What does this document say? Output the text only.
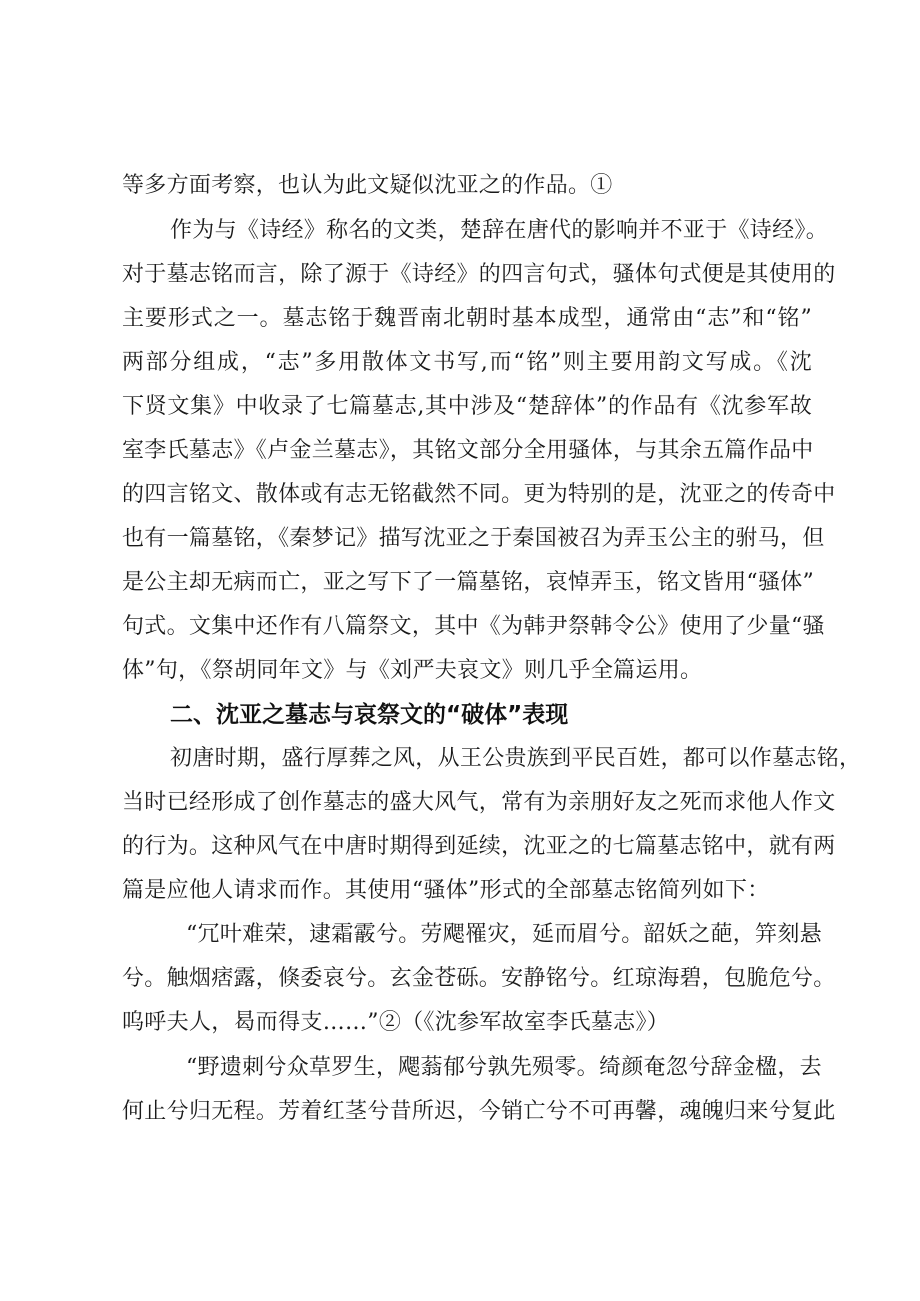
等多方面考察，也认为此文疑似沈亚之的作品。①
作为与《诗经》称名的文类，楚辞在唐代的影响并不亚于《诗经》。
对于墓志铭而言，除了源于《诗经》的四言句式，骚体句式便是其使用的
主要形式之一。墓志铭于魏晋南北朝时基本成型，通常由“志”和“铭”
两部分组成，“志”多用散体文书写,而“铭”则主要用韵文写成。《沈
下贤文集》中收录了七篇墓志,其中涉及“楚辞体”的作品有《沈参军故
室李氏墓志》《卢金兰墓志》，其铭文部分全用骚体，与其余五篇作品中
的四言铭文、散体或有志无铭截然不同。更为特别的是，沈亚之的传奇中
也有一篇墓铭，《秦梦记》描写沈亚之于秦国被召为弄玉公主的驸马，但
是公主却无病而亡，亚之写下了一篇墓铭，哀悼弄玉，铭文皆用“骚体”
句式。文集中还作有八篇祭文，其中《为韩尹祭韩令公》使用了少量“骚
体”句，《祭胡同年文》与《刘严夫哀文》则几乎全篇运用。
二、沈亚之墓志与哀祭文的“破体”表现
初唐时期，盛行厚葬之风，从王公贵族到平民百姓，都可以作墓志铭，
当时已经形成了创作墓志的盛大风气，常有为亲朋好友之死而求他人作文
的行为。这种风气在中唐时期得到延续，沈亚之的七篇墓志铭中，就有两
篇是应他人请求而作。其使用“骚体”形式的全部墓志铭简列如下：
“冗叶难荣，逮霜霰兮。劳飔罹灾，延而眉兮。韶妖之葩，笄刻悬
兮。触烟痞露，倏委哀兮。玄金苍砾。安静铭兮。红琼海碧，包脆危兮。
呜呼夫人，曷而得支……”②（《沈参军故室李氏墓志》）
“野遗刺兮众草罗生，飔蓊郁兮孰先殒零。绮颜奄忽兮辞金楹，去
何止兮归无程。芳着红茎兮昔所迟，今销亡兮不可再馨，魂魄归来兮复此
